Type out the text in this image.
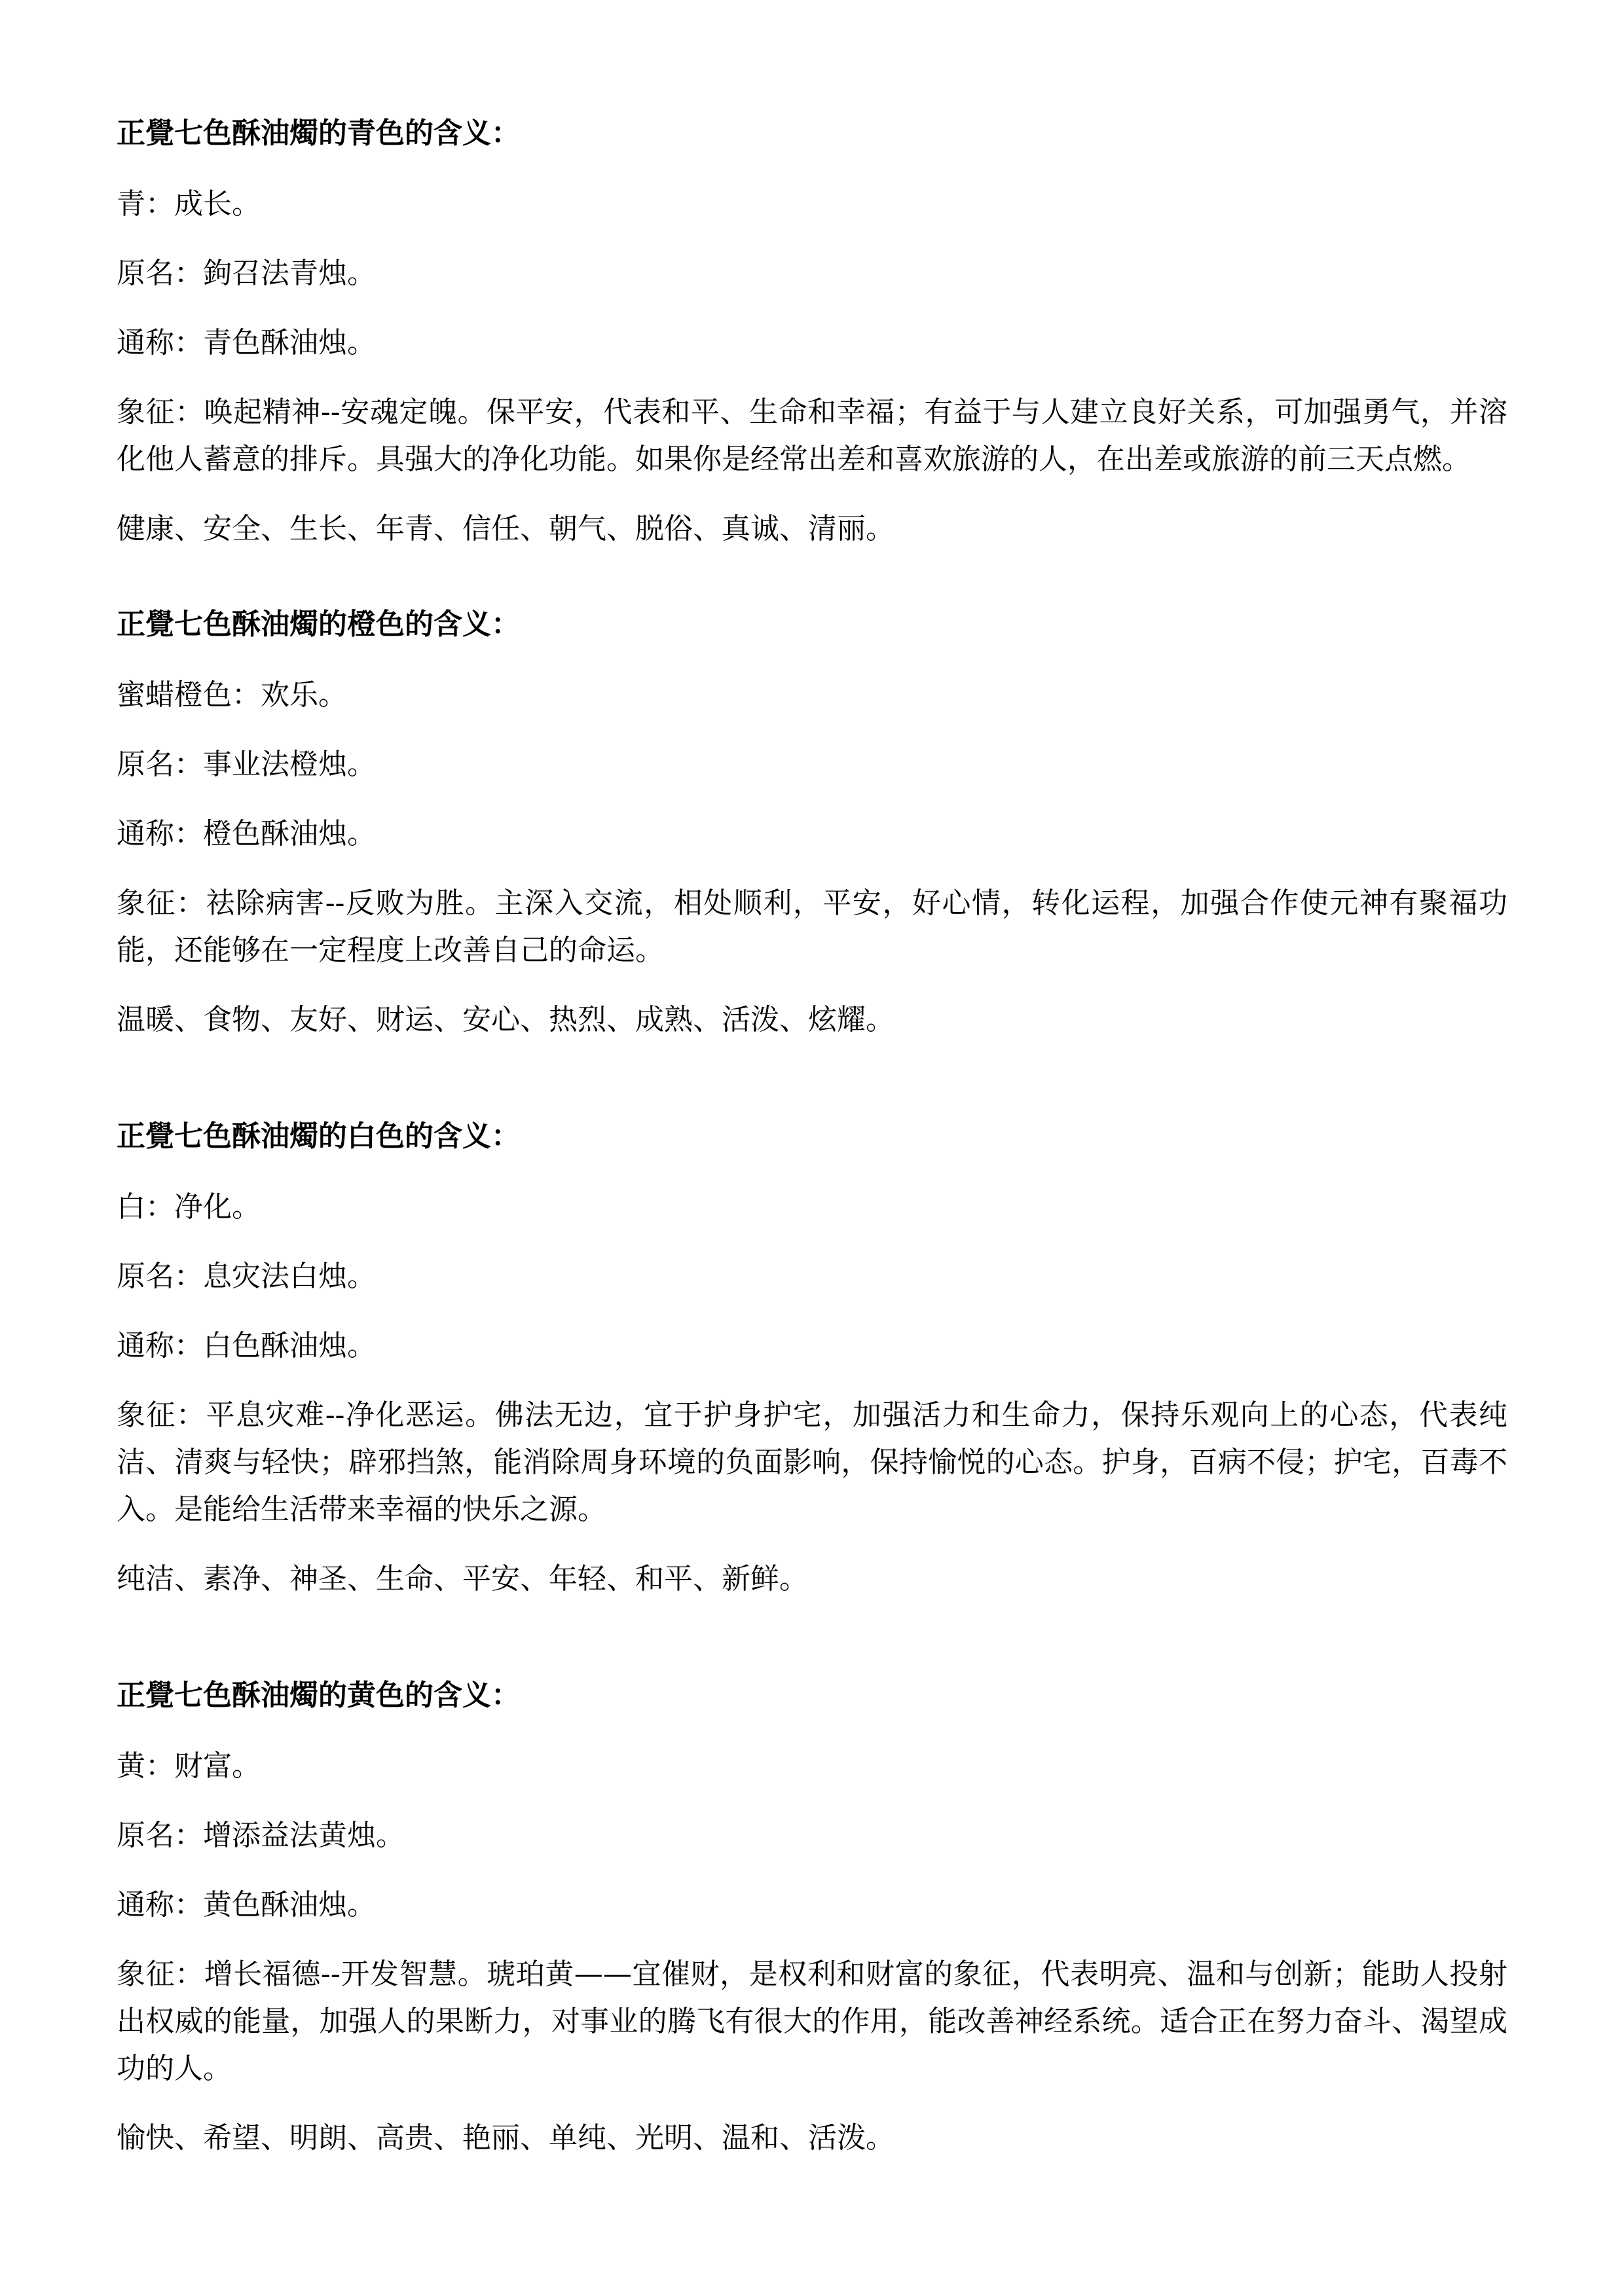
正覺七色酥油燭的青色的含义：

青：成长。

原名：鉤召法青烛。

通称：青色酥油烛。

象征：唤起精神--安魂定魄。保平安，代表和平、生命和幸福；有益于与人建立良好关系，可加强勇气，并溶化他人蓄意的排斥。具强大的净化功能。如果你是经常出差和喜欢旅游的人，在出差或旅游的前三天点燃。

健康、安全、生长、年青、信任、朝气、脱俗、真诚、清丽。

正覺七色酥油燭的橙色的含义：

蜜蜡橙色：欢乐。

原名：事业法橙烛。

通称：橙色酥油烛。

象征：祛除病害--反败为胜。主深入交流，相处顺利，平安，好心情，转化运程，加强合作使元神有聚福功能，还能够在一定程度上改善自己的命运。

温暖、食物、友好、财运、安心、热烈、成熟、活泼、炫耀。

正覺七色酥油燭的白色的含义：

白：净化。

原名：息灾法白烛。

通称：白色酥油烛。

象征：平息灾难--净化恶运。佛法无边，宜于护身护宅，加强活力和生命力，保持乐观向上的心态，代表纯洁、清爽与轻快；辟邪挡煞，能消除周身环境的负面影响，保持愉悦的心态。护身，百病不侵；护宅，百毒不入。是能给生活带来幸福的快乐之源。

纯洁、素净、神圣、生命、平安、年轻、和平、新鲜。

正覺七色酥油燭的黄色的含义：

黄：财富。

原名：增添益法黄烛。

通称：黄色酥油烛。

象征：增长福德--开发智慧。琥珀黄——宜催财，是权利和财富的象征，代表明亮、温和与创新；能助人投射出权威的能量，加强人的果断力，对事业的腾飞有很大的作用，能改善神经系统。适合正在努力奋斗、渴望成功的人。

愉快、希望、明朗、高贵、艳丽、单纯、光明、温和、活泼。
